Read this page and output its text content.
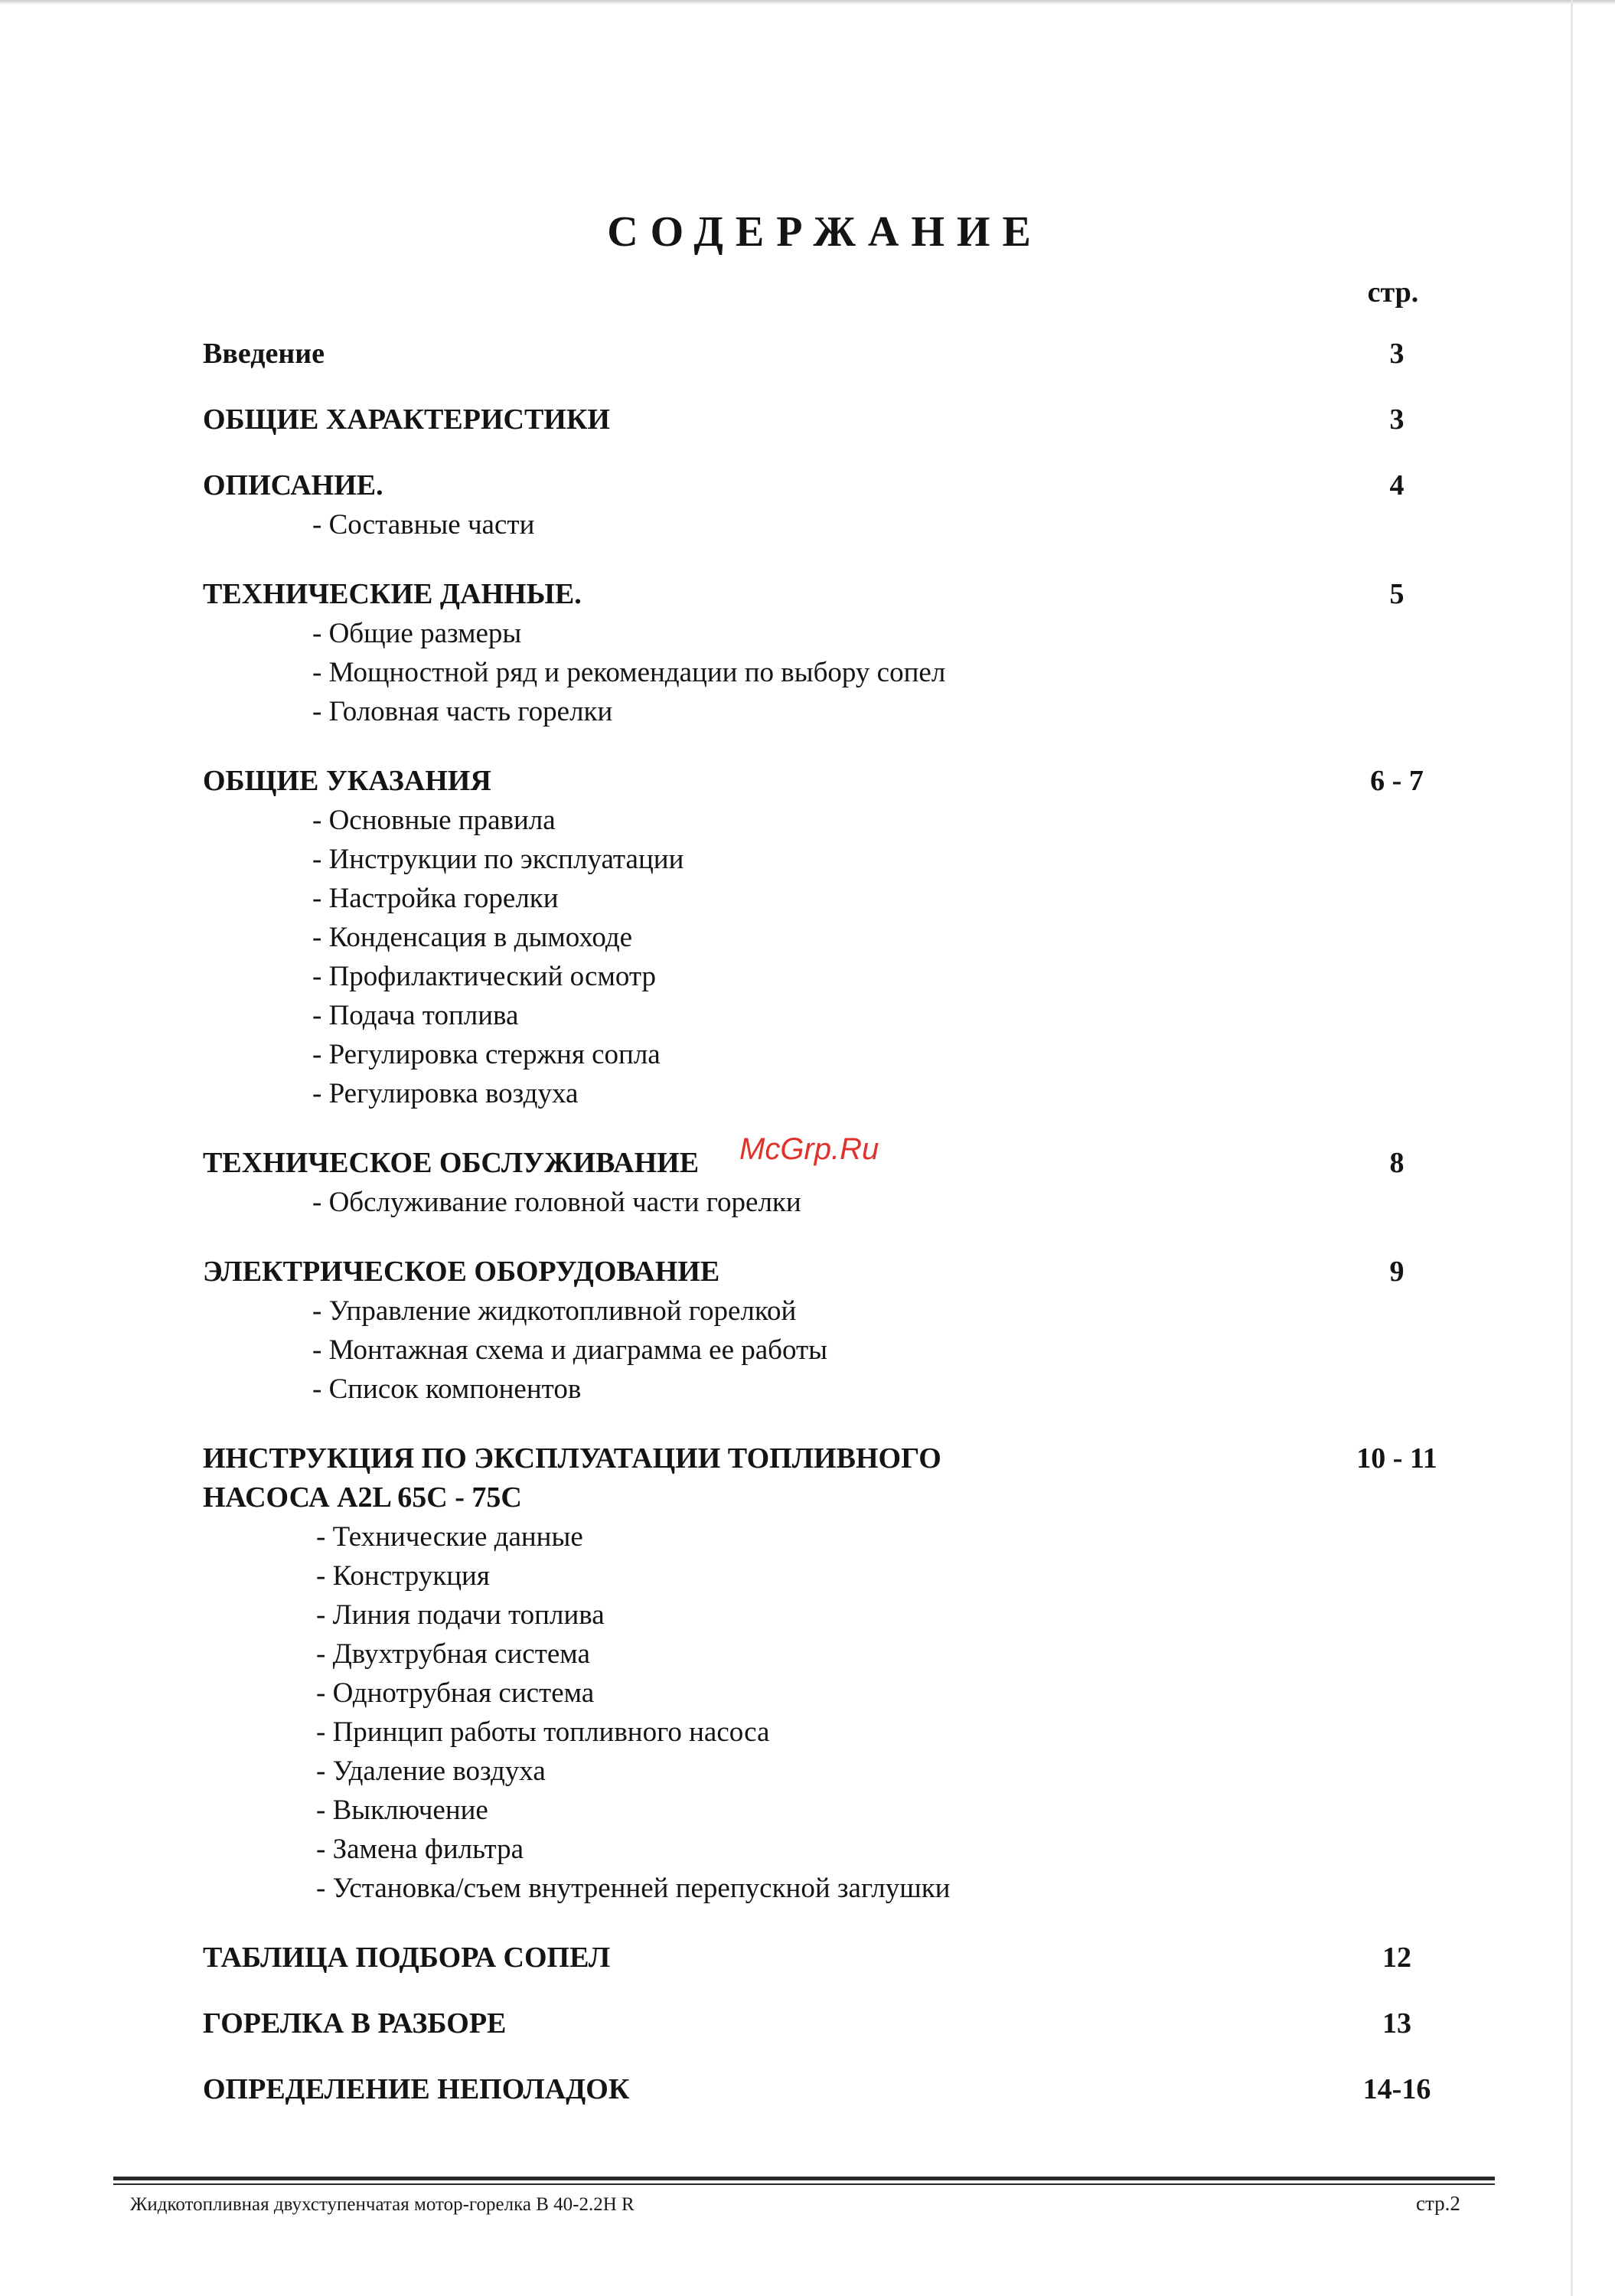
СОДЕРЖАНИЕ
стр.
Введение	3
ОБЩИЕ ХАРАКТЕРИСТИКИ	3
ОПИСАНИЕ.	4
- Составные части
ТЕХНИЧЕСКИЕ ДАННЫЕ.	5
- Общие размеры
- Мощностной ряд и рекомендации по выбору сопел
- Головная часть горелки
ОБЩИЕ УКАЗАНИЯ	6 - 7
- Основные правила
- Инструкции по эксплуатации
- Настройка горелки
- Конденсация в дымоходе
- Профилактический осмотр
- Подача топлива
- Регулировка стержня сопла
- Регулировка воздуха
ТЕХНИЧЕСКОЕ ОБСЛУЖИВАНИЕ	8
- Обслуживание головной части горелки
ЭЛЕКТРИЧЕСКОЕ ОБОРУДОВАНИЕ	9
- Управление жидкотопливной горелкой
- Монтажная схема и диаграмма ее работы
- Список компонентов
ИНСТРУКЦИЯ ПО ЭКСПЛУАТАЦИИ ТОПЛИВНОГО	10 - 11
НАСОСА A2L 65C - 75C
- Технические данные
- Конструкция
- Линия подачи топлива
- Двухтрубная система
- Однотрубная система
- Принцип работы топливного насоса
- Удаление воздуха
- Выключение
- Замена фильтра
- Установка/съем внутренней перепускной заглушки
ТАБЛИЦА ПОДБОРА СОПЕЛ	12
ГОРЕЛКА В РАЗБОРЕ	13
ОПРЕДЕЛЕНИЕ НЕПОЛАДОК	14-16
McGrp.Ru
Жидкотопливная двухступенчатая мотор-горелка B 40-2.2H R	стр.2
